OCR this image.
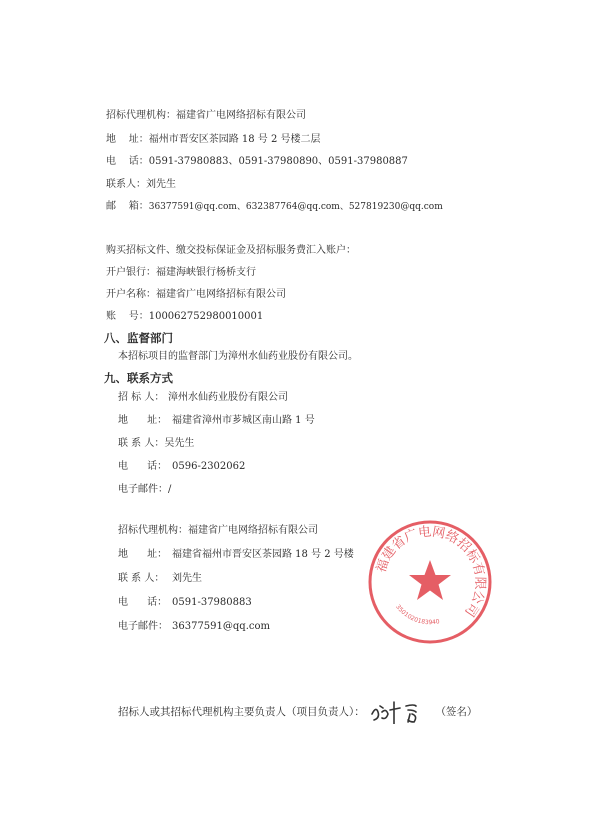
招标代理机构：福建省广电网络招标有限公司
地    址：福州市晋安区茶园路 18 号 2 号楼二层
电    话：0591-37980883、0591-37980890、0591-37980887
联系人：刘先生
邮    箱：36377591@qq.com、632387764@qq.com、527819230@qq.com
购买招标文件、缴交投标保证金及招标服务费汇入账户：
开户银行：福建海峡银行杨桥支行
开户名称：福建省广电网络招标有限公司
账    号：100062752980010001
八、监督部门
本招标项目的监督部门为漳州水仙药业股份有限公司。
九、联系方式
招 标 人： 漳州水仙药业股份有限公司
地      址： 福建省漳州市芗城区南山路 1 号
联 系 人：吴先生
电      话： 0596-2302062
电子邮件：/
招标代理机构：福建省广电网络招标有限公司
地      址： 福建省福州市晋安区茶园路 18 号 2 号楼
联 系 人： 刘先生
电      话： 0591-37980883
电子邮件： 36377591@qq.com
福建省广电网络招标有限公司
3501020183940
招标人或其招标代理机构主要负责人（项目负责人）：	（签名）
